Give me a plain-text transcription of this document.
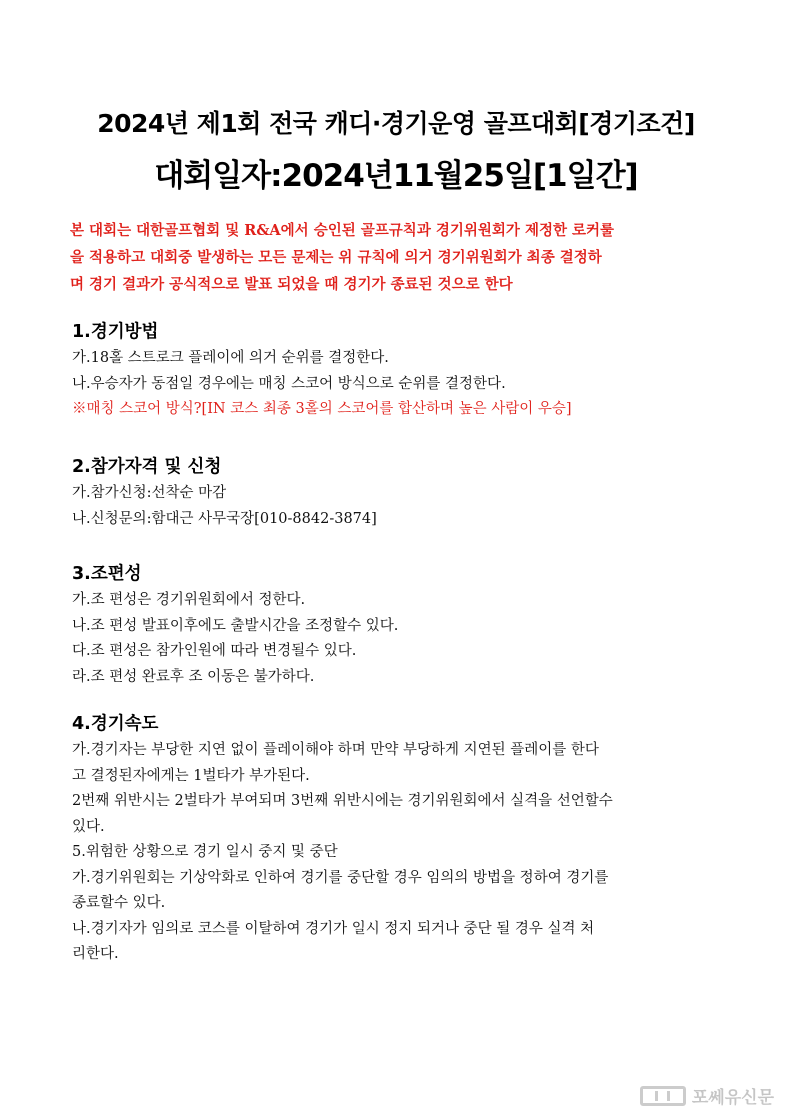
2024년 제1회 전국 캐디·경기운영 골프대회[경기조건]
대회일자:2024년11월25일[1일간]
본 대회는 대한골프협회 및 R&A에서 승인된 골프규칙과 경기위원회가 제정한 로커룰
을 적용하고 대회중 발생하는 모든 문제는 위 규칙에 의거 경기위원회가 최종 결정하
며 경기 결과가 공식적으로 발표 되었을 때 경기가 종료된 것으로 한다
1.경기방법
가.18홀 스트로크 플레이에 의거 순위를 결정한다.
나.우승자가 동점일 경우에는 매칭 스코어 방식으로 순위를 결정한다.
※매칭 스코어 방식?[IN 코스 최종 3홀의 스코어를 합산하며 높은 사람이 우승]
2.참가자격 및 신청
가.참가신청:선착순 마감
나.신청문의:함대근 사무국장[010-8842-3874]
3.조편성
가.조 편성은 경기위원회에서 정한다.
나.조 편성 발표이후에도 출발시간을 조정할수 있다.
다.조 편성은 참가인원에 따라 변경될수 있다.
라.조 편성 완료후 조 이동은 불가하다.
4.경기속도
가.경기자는 부당한 지연 없이 플레이해야 하며 만약 부당하게 지연된 플레이를 한다
고 결정된자에게는 1벌타가 부가된다.
2번째 위반시는 2벌타가 부여되며 3번째 위반시에는 경기위원회에서 실격을 선언할수
있다.
5.위험한 상황으로 경기 일시 중지 및 중단
가.경기위원회는 기상악화로 인하여 경기를 중단할 경우 임의의 방법을 정하여 경기를
종료할수 있다.
나.경기자가 임의로 코스를 이탈하여 경기가 일시 정지 되거나 중단 될 경우 실격 처
리한다.
포쎄유신문
